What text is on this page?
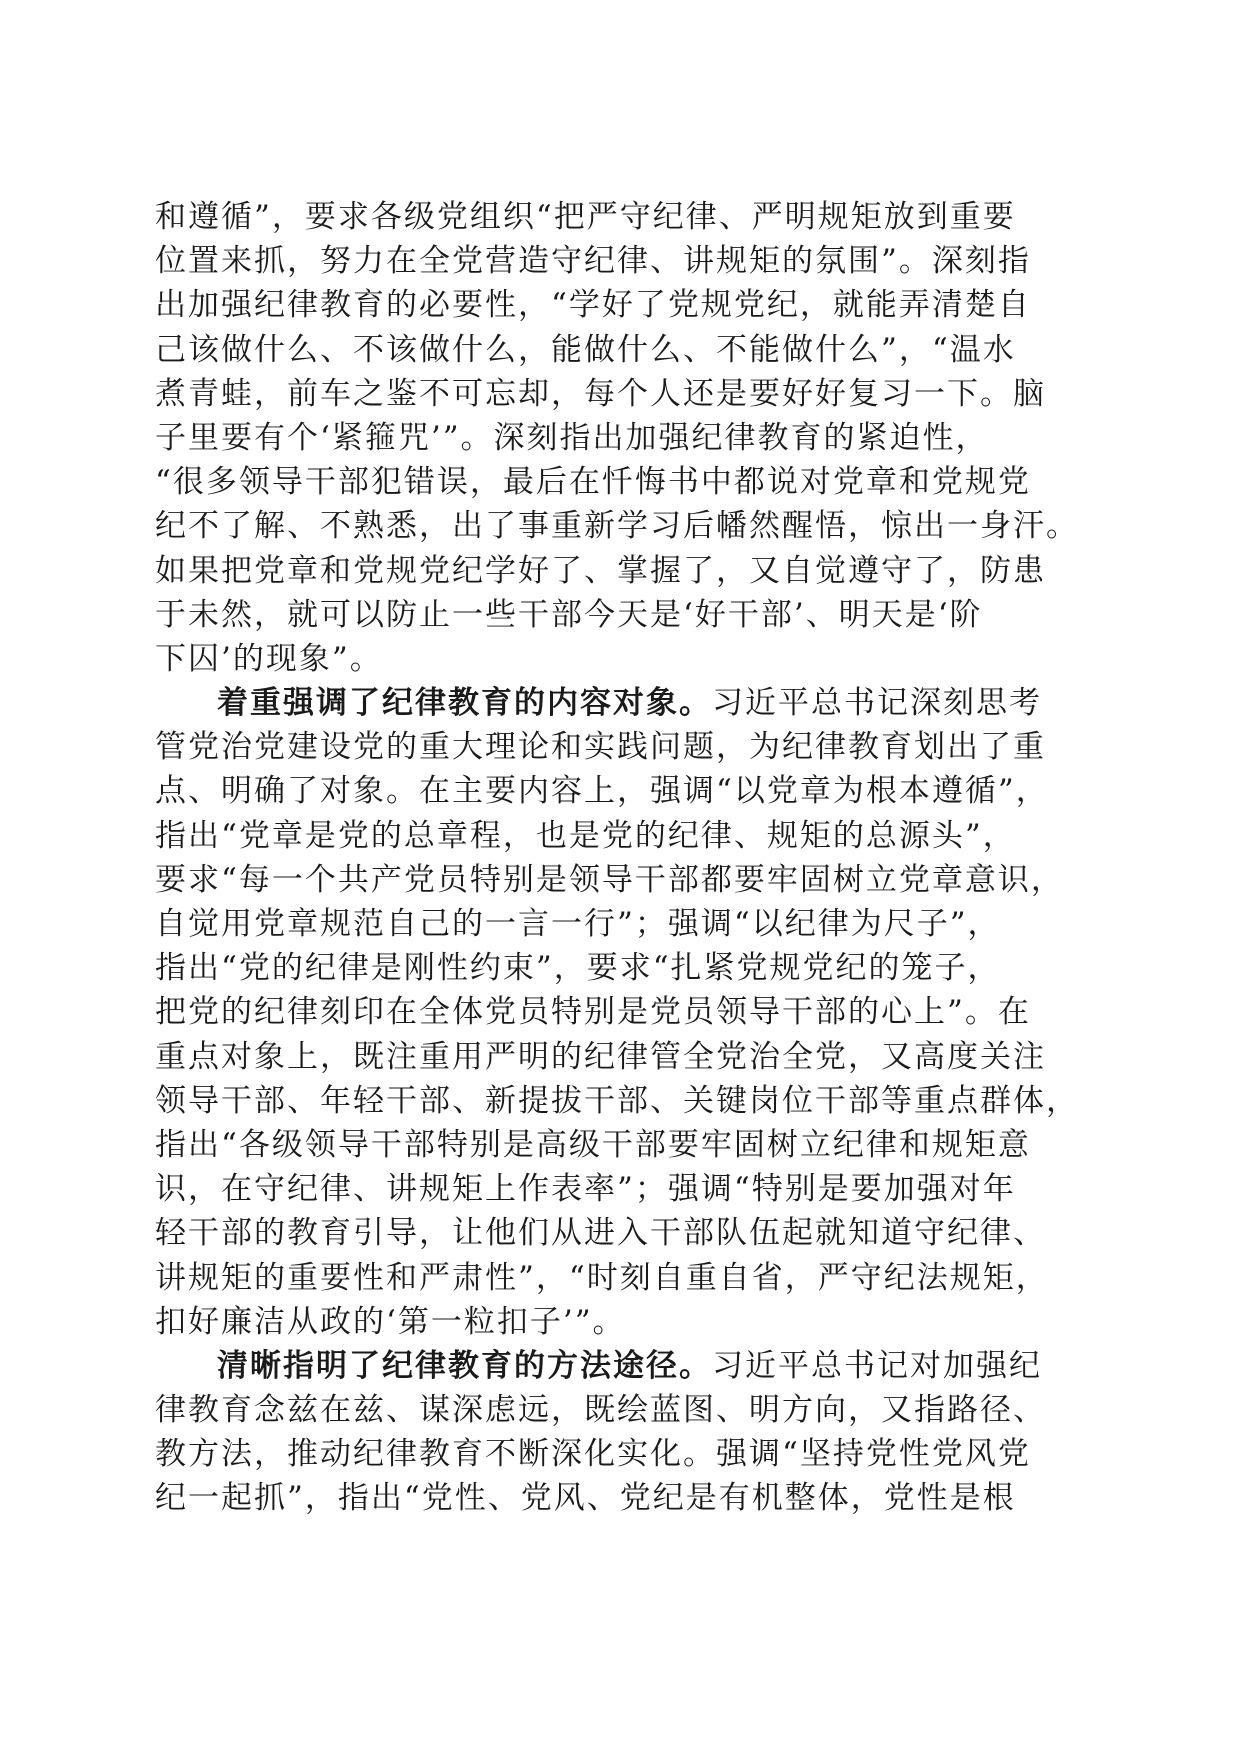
和遵循”，要求各级党组织“把严守纪律、严明规矩放到重要
位置来抓，努力在全党营造守纪律、讲规矩的氛围”。深刻指
出加强纪律教育的必要性，“学好了党规党纪，就能弄清楚自
己该做什么、不该做什么，能做什么、不能做什么”，“温水
煮青蛙，前车之鉴不可忘却，每个人还是要好好复习一下。脑
子里要有个‘紧箍咒’”。深刻指出加强纪律教育的紧迫性，
“很多领导干部犯错误，最后在忏悔书中都说对党章和党规党
纪不了解、不熟悉，出了事重新学习后幡然醒悟，惊出一身汗。
如果把党章和党规党纪学好了、掌握了，又自觉遵守了，防患
于未然，就可以防止一些干部今天是‘好干部’、明天是‘阶
下囚’的现象”。
着重强调了纪律教育的内容对象。习近平总书记深刻思考
管党治党建设党的重大理论和实践问题，为纪律教育划出了重
点、明确了对象。在主要内容上，强调“以党章为根本遵循”，
指出“党章是党的总章程，也是党的纪律、规矩的总源头”，
要求“每一个共产党员特别是领导干部都要牢固树立党章意识，
自觉用党章规范自己的一言一行”；强调“以纪律为尺子”，
指出“党的纪律是刚性约束”，要求“扎紧党规党纪的笼子，
把党的纪律刻印在全体党员特别是党员领导干部的心上”。在
重点对象上，既注重用严明的纪律管全党治全党，又高度关注
领导干部、年轻干部、新提拔干部、关键岗位干部等重点群体，
指出“各级领导干部特别是高级干部要牢固树立纪律和规矩意
识，在守纪律、讲规矩上作表率”；强调“特别是要加强对年
轻干部的教育引导，让他们从进入干部队伍起就知道守纪律、
讲规矩的重要性和严肃性”，“时刻自重自省，严守纪法规矩，
扣好廉洁从政的‘第一粒扣子’”。
清晰指明了纪律教育的方法途径。习近平总书记对加强纪
律教育念兹在兹、谋深虑远，既绘蓝图、明方向，又指路径、
教方法，推动纪律教育不断深化实化。强调“坚持党性党风党
纪一起抓”，指出“党性、党风、党纪是有机整体，党性是根
